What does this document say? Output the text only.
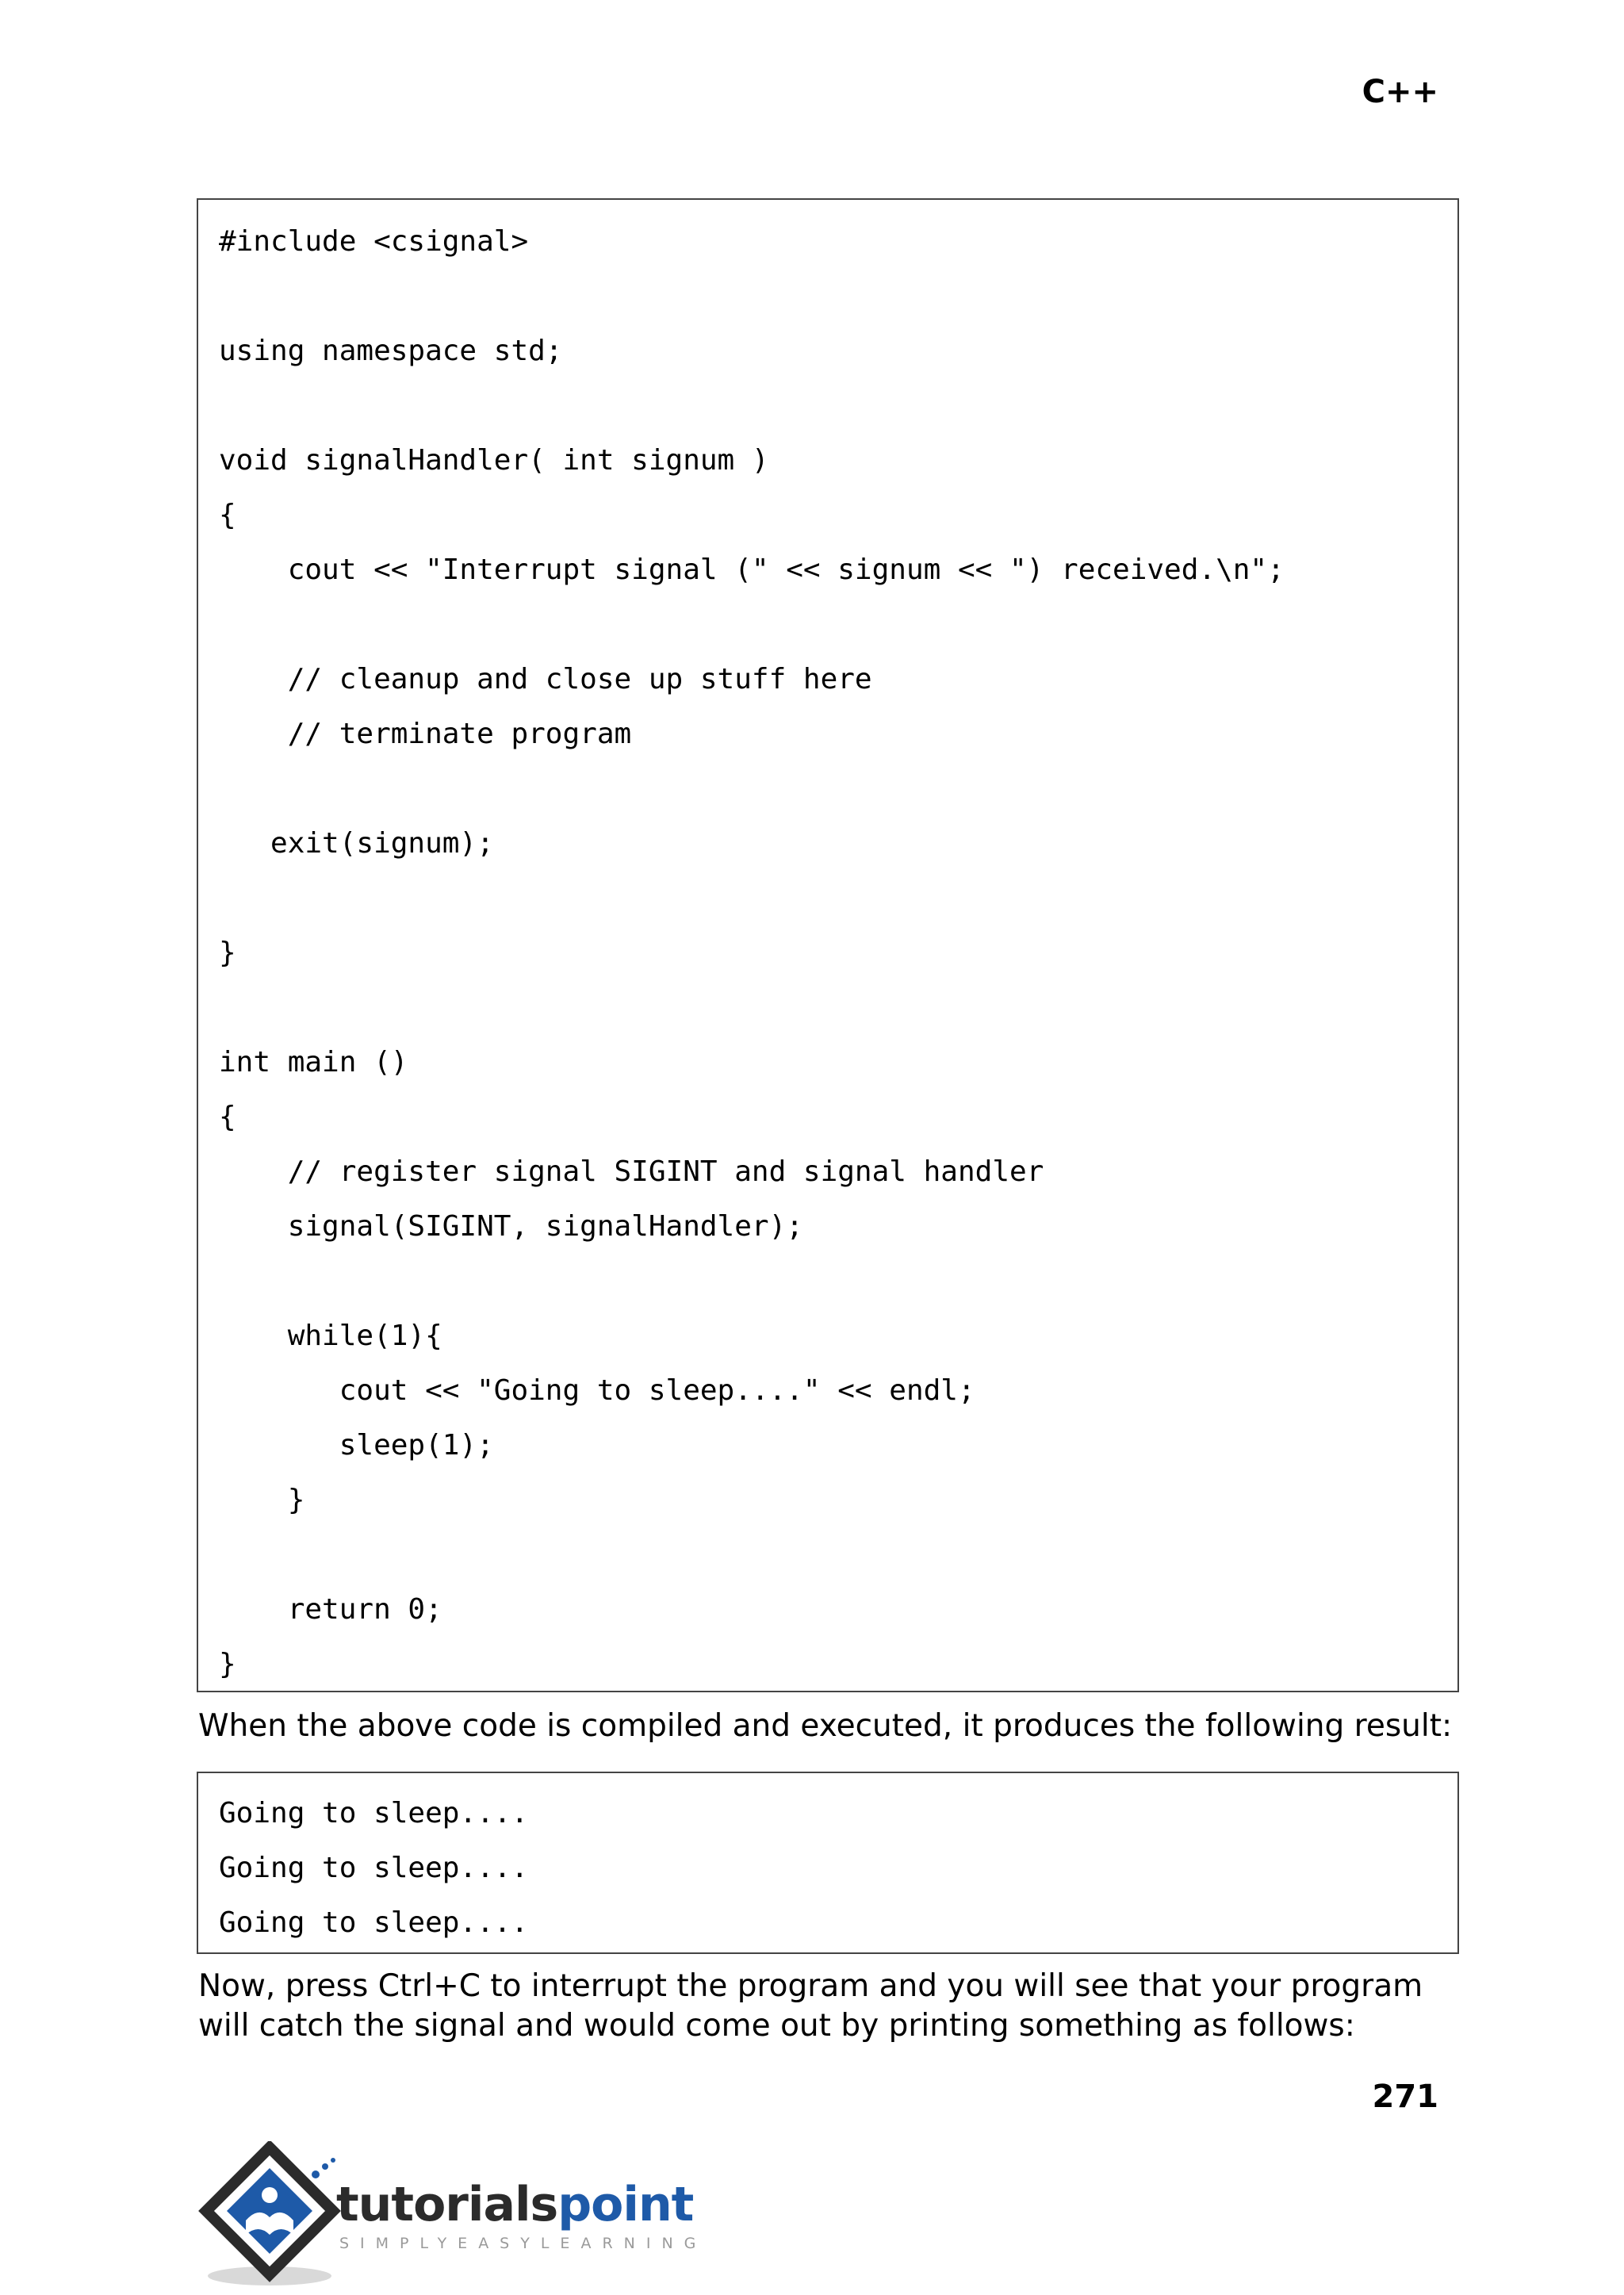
C++
#include <csignal>
using namespace std;
void signalHandler( int signum )
{
cout << "Interrupt signal (" << signum << ") received.\n";
// cleanup and close up stuff here
// terminate program
exit(signum);
}
int main ()
{
// register signal SIGINT and signal handler
signal(SIGINT, signalHandler);
while(1){
cout << "Going to sleep...." << endl;
sleep(1);
}
return 0;
}
When the above code is compiled and executed, it produces the following result:
Going to sleep....
Going to sleep....
Going to sleep....
Now, press Ctrl+C to interrupt the program and you will see that your program will catch the signal and would come out by printing something as follows:
271
tutorialspoint
SIMPLYEASYLEARNING
